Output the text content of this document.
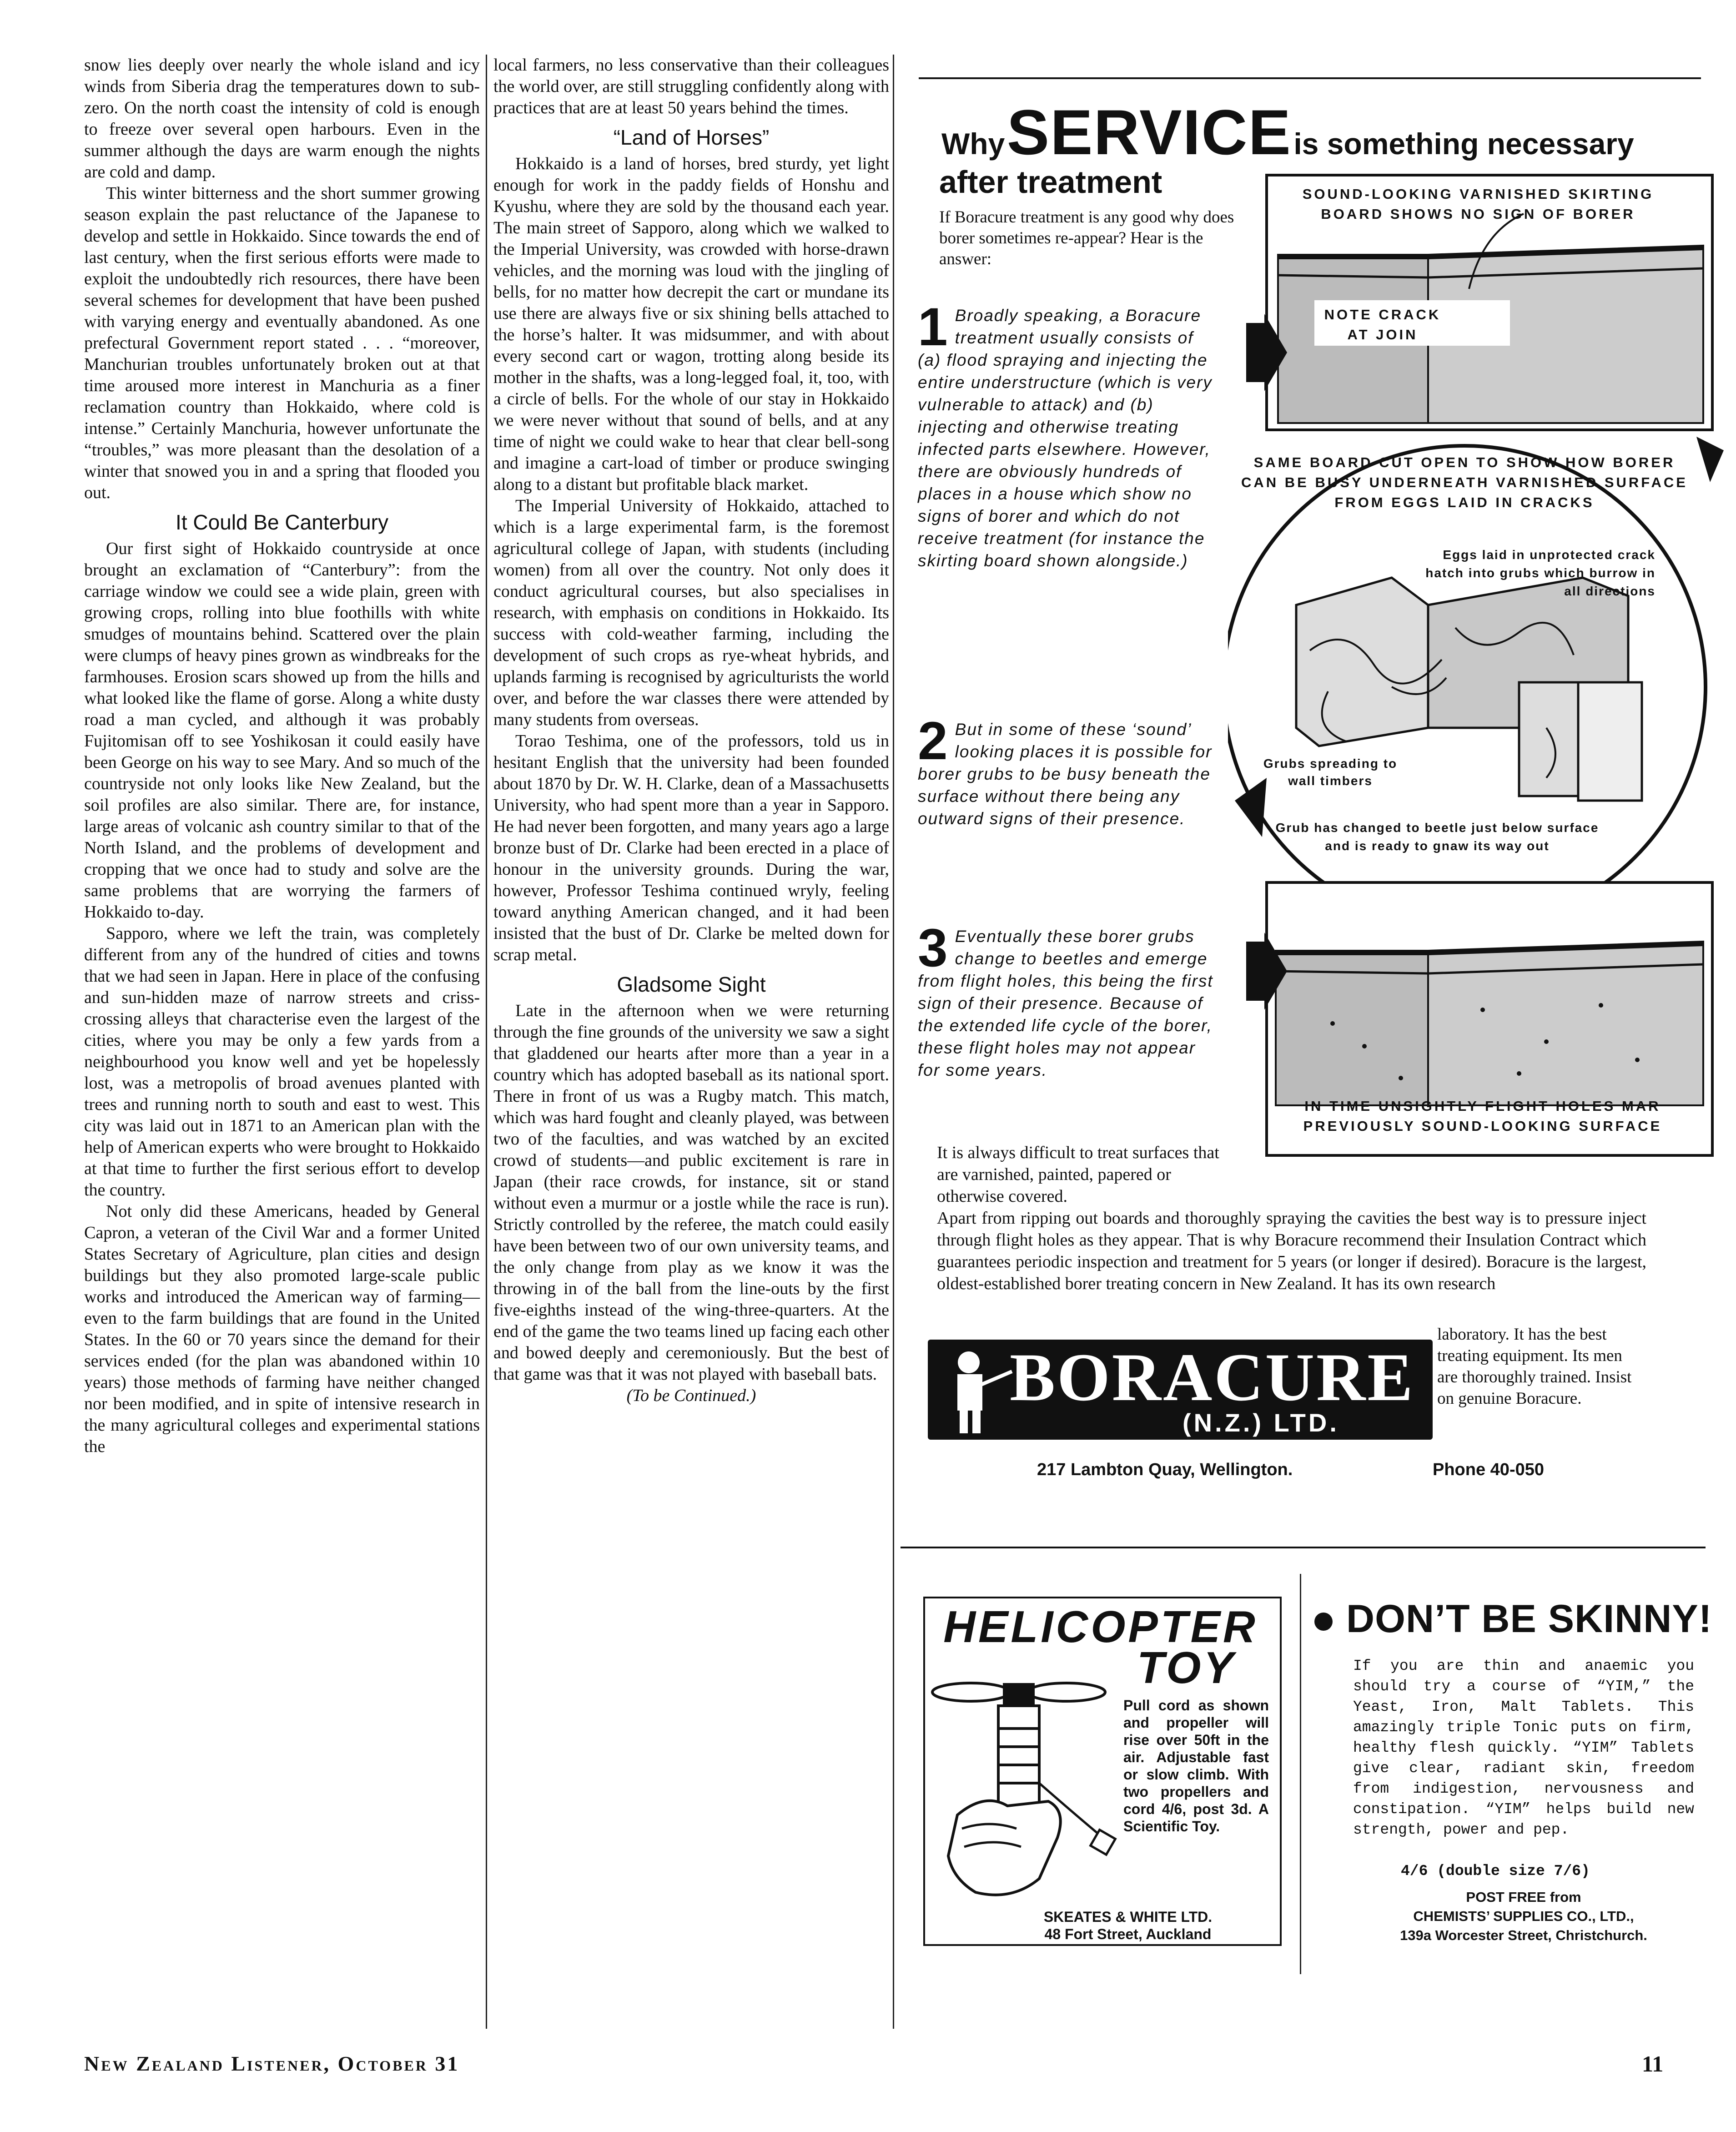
snow lies deeply over nearly the whole island and icy winds from Siberia drag the temperatures down to sub-zero. On the north coast the intensity of cold is enough to freeze over several open harbours. Even in the summer although the days are warm enough the nights are cold and damp.

This winter bitterness and the short summer growing season explain the past reluctance of the Japanese to develop and settle in Hokkaido. Since towards the end of last century, when the first serious efforts were made to exploit the undoubtedly rich resources, there have been several schemes for development that have been pushed with varying energy and eventually abandoned. As one prefectural Government report stated . . . “moreover, Manchurian troubles unfortunately broken out at that time aroused more interest in Manchuria as a finer reclamation country than Hokkaido, where cold is intense.” Certainly Manchuria, however unfortunate the “troubles,” was more pleasant than the desolation of a winter that snowed you in and a spring that flooded you out.

It Could Be Canterbury

Our first sight of Hokkaido countryside at once brought an exclamation of “Canterbury”: from the carriage window we could see a wide plain, green with growing crops, rolling into blue foothills with white smudges of mountains behind. Scattered over the plain were clumps of heavy pines grown as windbreaks for the farmhouses. Erosion scars showed up from the hills and what looked like the flame of gorse. Along a white dusty road a man cycled, and although it was probably Fujitomisan off to see Yoshikosan it could easily have been George on his way to see Mary. And so much of the countryside not only looks like New Zealand, but the soil profiles are also similar. There are, for instance, large areas of volcanic ash country similar to that of the North Island, and the problems of development and cropping that we once had to study and solve are the same problems that are worrying the farmers of Hokkaido to-day.

Sapporo, where we left the train, was completely different from any of the hundred of cities and towns that we had seen in Japan. Here in place of the confusing and sun-hidden maze of narrow streets and criss-crossing alleys that characterise even the largest of the cities, where you may be only a few yards from a neighbourhood you know well and yet be hopelessly lost, was a metropolis of broad avenues planted with trees and running north to south and east to west. This city was laid out in 1871 to an American plan with the help of American experts who were brought to Hokkaido at that time to further the first serious effort to develop the country.

Not only did these Americans, headed by General Capron, a veteran of the Civil War and a former United States Secretary of Agriculture, plan cities and design buildings but they also promoted large-scale public works and introduced the American way of farming—even to the farm buildings that are found in the United States. In the 60 or 70 years since the demand for their services ended (for the plan was abandoned within 10 years) those methods of farming have neither changed nor been modified, and in spite of intensive research in the many agricultural colleges and experimental stations the

local farmers, no less conservative than their colleagues the world over, are still struggling confidently along with practices that are at least 50 years behind the times.

“Land of Horses”

Hokkaido is a land of horses, bred sturdy, yet light enough for work in the paddy fields of Honshu and Kyushu, where they are sold by the thousand each year. The main street of Sapporo, along which we walked to the Imperial University, was crowded with horse-drawn vehicles, and the morning was loud with the jingling of bells, for no matter how decrepit the cart or mundane its use there are always five or six shining bells attached to the horse’s halter. It was midsummer, and with about every second cart or wagon, trotting along beside its mother in the shafts, was a long-legged foal, it, too, with a circle of bells. For the whole of our stay in Hokkaido we were never without that sound of bells, and at any time of night we could wake to hear that clear bell-song and imagine a cart-load of timber or produce swinging along to a distant but profitable black market.

The Imperial University of Hokkaido, attached to which is a large experimental farm, is the foremost agricultural college of Japan, with students (including women) from all over the country. Not only does it conduct agricultural courses, but also specialises in research, with emphasis on conditions in Hokkaido. Its success with cold-weather farming, including the development of such crops as rye-wheat hybrids, and uplands farming is recognised by agriculturists the world over, and before the war classes there were attended by many students from overseas.

Torao Teshima, one of the professors, told us in hesitant English that the university had been founded about 1870 by Dr. W. H. Clarke, dean of a Massachusetts University, who had spent more than a year in Sapporo. He had never been forgotten, and many years ago a large bronze bust of Dr. Clarke had been erected in a place of honour in the university grounds. During the war, however, Professor Teshima continued wryly, feeling toward anything American changed, and it had been insisted that the bust of Dr. Clarke be melted down for scrap metal.

Gladsome Sight

Late in the afternoon when we were returning through the fine grounds of the university we saw a sight that gladdened our hearts after more than a year in a country which has adopted baseball as its national sport. There in front of us was a Rugby match. This match, which was hard fought and cleanly played, was between two of the faculties, and was watched by an excited crowd of students—and public excitement is rare in Japan (their race crowds, for instance, sit or stand without even a murmur or a jostle while the race is run). Strictly controlled by the referee, the match could easily have been between two of our own university teams, and the only change from play as we know it was the throwing in of the ball from the line-outs by the first five-eighths instead of the wing-three-quarters. At the end of the game the two teams lined up facing each other and bowed deeply and ceremoniously. But the best of that game was that it was not played with baseball bats.

(To be Continued.)

Why SERVICE is something necessary
after treatment
If Boracure treatment is any good why does borer sometimes re-appear? Hear is the answer:
1 Broadly speaking, a Boracure treatment usually consists of (a) flood spraying and injecting the entire understructure (which is very vulnerable to attack) and (b) injecting and otherwise treating infected parts elsewhere. However, there are obviously hundreds of places in a house which show no signs of borer and which do not receive treatment (for instance the skirting board shown alongside.)
2 But in some of these ‘sound’ looking places it is possible for borer grubs to be busy beneath the surface without there being any outward signs of their presence.
3 Eventually these borer grubs change to beetles and emerge from flight holes, this being the first sign of their presence. Because of the extended life cycle of the borer, these flight holes may not appear for some years.
SOUND-LOOKING VARNISHED SKIRTING BOARD SHOWS NO SIGN OF BORER
NOTE CRACK AT JOIN
SAME BOARD CUT OPEN TO SHOW HOW BORER CAN BE BUSY UNDERNEATH VARNISHED SURFACE FROM EGGS LAID IN CRACKS
Eggs laid in unprotected crack hatch into grubs which burrow in all directions
Grubs spreading to wall timbers
Grub has changed to beetle just below surface and is ready to gnaw its way out
IN TIME UNSIGHTLY FLIGHT HOLES MAR PREVIOUSLY SOUND-LOOKING SURFACE
It is always difficult to treat surfaces that are varnished, painted, papered or otherwise covered.
Apart from ripping out boards and thoroughly spraying the cavities the best way is to pressure inject through flight holes as they appear. That is why Boracure recommend their Insulation Contract which guarantees periodic inspection and treatment for 5 years (or longer if desired). Boracure is the largest, oldest-established borer treating concern in New Zealand. It has its own research
BORACURE
(N.Z.) LTD.
laboratory. It has the best treating equipment. Its men are thoroughly trained. Insist on genuine Boracure.
217 Lambton Quay, Wellington.	Phone 40-050
HELICOPTER
TOY
Pull cord as shown and propeller will rise over 50ft in the air. Adjustable fast or slow climb. With two propellers and cord 4/6, post 3d. A Scientific Toy.
SKEATES & WHITE LTD.
48 Fort Street, Auckland
DON’T BE SKINNY!
If you are thin and anaemic you should try a course of “YIM,” the Yeast, Iron, Malt Tablets. This amazingly triple Tonic puts on firm, healthy flesh quickly. “YIM” Tablets give clear, radiant skin, freedom from indigestion, nervousness and constipation. “YIM” helps build new strength, power and pep.
4/6 (double size 7/6)
POST FREE from
CHEMISTS’ SUPPLIES CO., LTD.,
139a Worcester Street, Christchurch.
New Zealand Listener, October 31	11
